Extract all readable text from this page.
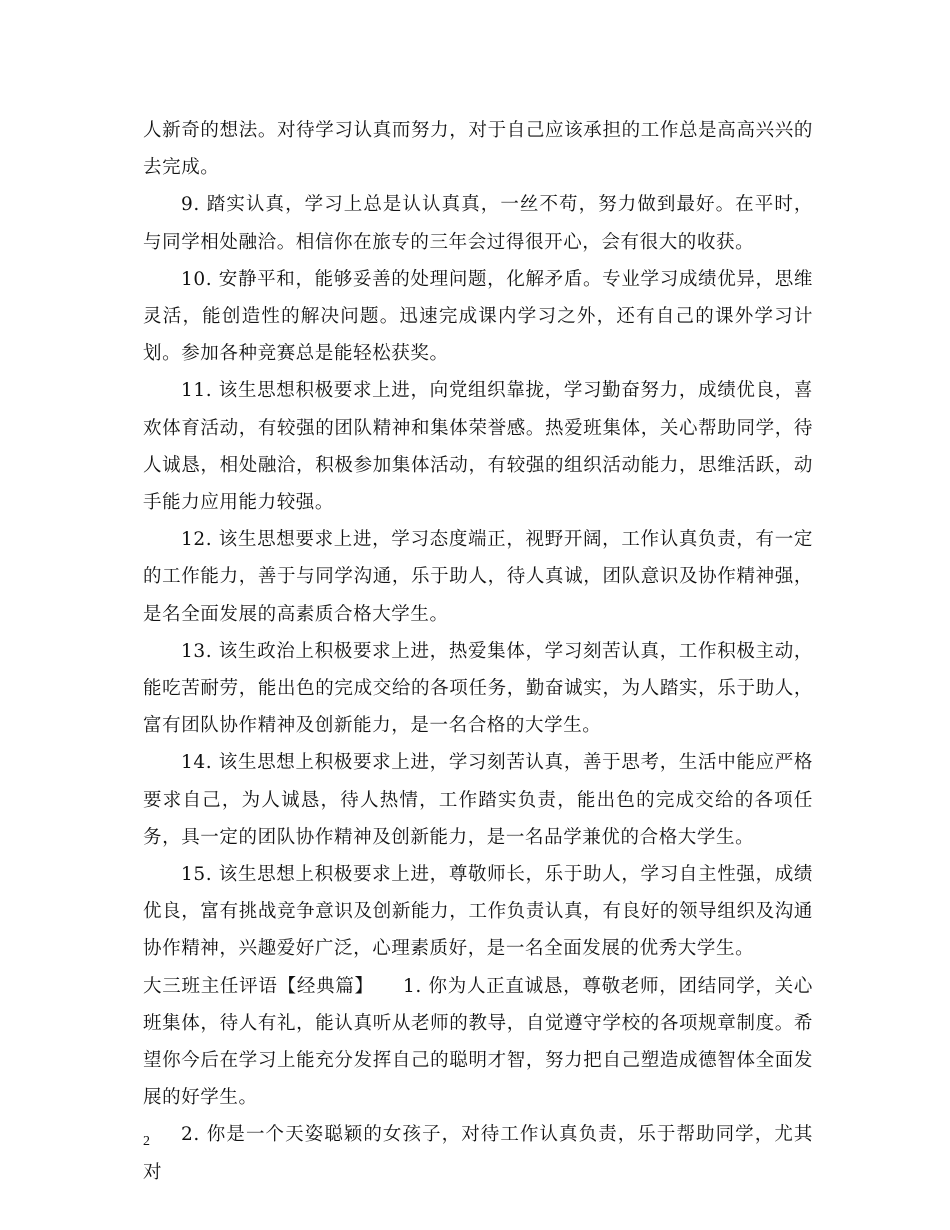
人新奇的想法。对待学习认真而努力，对于自己应该承担的工作总是高高兴兴的去完成。

9. 踏实认真，学习上总是认认真真，一丝不苟，努力做到最好。在平时，与同学相处融洽。相信你在旅专的三年会过得很开心，会有很大的收获。

10. 安静平和，能够妥善的处理问题，化解矛盾。专业学习成绩优异，思维灵活，能创造性的解决问题。迅速完成课内学习之外，还有自己的课外学习计划。参加各种竞赛总是能轻松获奖。

11. 该生思想积极要求上进，向党组织靠拢，学习勤奋努力，成绩优良，喜欢体育活动，有较强的团队精神和集体荣誉感。热爱班集体，关心帮助同学，待人诚恳，相处融洽，积极参加集体活动，有较强的组织活动能力，思维活跃，动手能力应用能力较强。

12. 该生思想要求上进，学习态度端正，视野开阔，工作认真负责，有一定的工作能力，善于与同学沟通，乐于助人，待人真诚，团队意识及协作精神强，是名全面发展的高素质合格大学生。

13. 该生政治上积极要求上进，热爱集体，学习刻苦认真，工作积极主动，能吃苦耐劳，能出色的完成交给的各项任务，勤奋诚实，为人踏实，乐于助人，富有团队协作精神及创新能力，是一名合格的大学生。

14. 该生思想上积极要求上进，学习刻苦认真，善于思考，生活中能应严格要求自己，为人诚恳，待人热情，工作踏实负责，能出色的完成交给的各项任务，具一定的团队协作精神及创新能力，是一名品学兼优的合格大学生。

15. 该生思想上积极要求上进，尊敬师长，乐于助人，学习自主性强，成绩优良，富有挑战竞争意识及创新能力，工作负责认真，有良好的领导组织及沟通协作精神，兴趣爱好广泛，心理素质好，是一名全面发展的优秀大学生。

大三班主任评语【经典篇】　　1. 你为人正直诚恳，尊敬老师，团结同学，关心班集体，待人有礼，能认真听从老师的教导，自觉遵守学校的各项规章制度。希望你今后在学习上能充分发挥自己的聪明才智，努力把自己塑造成德智体全面发展的好学生。

2. 你是一个天姿聪颖的女孩子，对待工作认真负责，乐于帮助同学，尤其对

2
